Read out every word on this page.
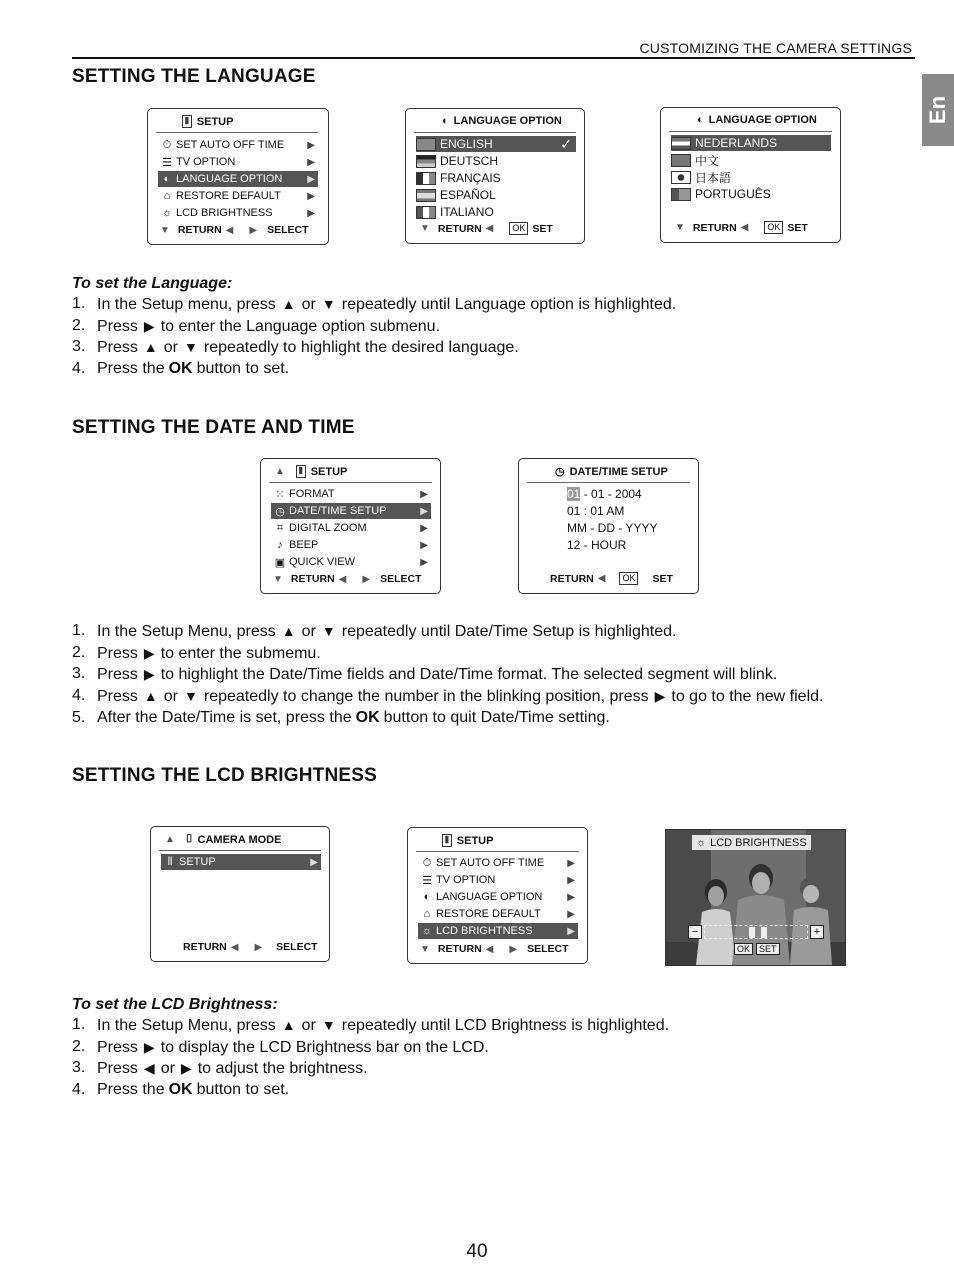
CUSTOMIZING THE CAMERA SETTINGS
En
SETTING THE LANGUAGE
⫴ SETUP
⏱ SET AUTO OFF TIME ▶
☰ TV OPTION	▶
◐ LANGUAGE OPTION ▶
⌂ RESTORE DEFAULT	▶
☼ LCD BRIGHTNESS	▶
▼ RETURN ◀ ▶ SELECT
◐ LANGUAGE OPTION
ENGLISH	✓
DEUTSCH
FRANÇAIS
ESPAÑOL
ITALIANO
▼ RETURN ◀	OK SET
◐ LANGUAGE OPTION
NEDERLANDS
中文
日本語
PORTUGUÊS
▼ RETURN ◀	OK SET
To set the Language:
1. In the Setup menu, press ▲ or ▼ repeatedly until Language option is highlighted.
2. Press ▶ to enter the Language option submenu.
3. Press ▲ or ▼ repeatedly to highlight the desired language.
4. Press the OK button to set.
SETTING THE DATE AND TIME
▲	⫴ SETUP
⁙ FORMAT	▶
◷ DATE/TIME SETUP	▶
⌗ DIGITAL ZOOM	▶
♪ BEEP	▶
▣ QUICK VIEW	▶
▼ RETURN ◀ ▶ SELECT
◷ DATE/TIME SETUP
01 - 01 - 2004
01 : 01 AM
MM - DD - YYYY
12 - HOUR
RETURN ◀	OK SET
1. In the Setup Menu, press ▲ or ▼ repeatedly until Date/Time Setup is highlighted.
2. Press ▶ to enter the submemu.
3. Press ▶ to highlight the Date/Time fields and Date/Time format. The selected segment will blink.
4. Press ▲ or ▼ repeatedly to change the number in the blinking position, press ▶ to go to the new field.
5. After the Date/Time is set, press the OK button to quit Date/Time setting.
SETTING THE LCD BRIGHTNESS
▲ ⌷ CAMERA MODE
⫴ SETUP	▶
RETURN ◀ ▶ SELECT
⫴ SETUP
⏱ SET AUTO OFF TIME ▶
☰ TV OPTION	▶
◐ LANGUAGE OPTION ▶
⌂ RESTORE DEFAULT	▶
☼ LCD BRIGHTNESS	▶
▼ RETURN ◀ ▶ SELECT
☼ LCD BRIGHTNESS
−	+
OK SET
To set the LCD Brightness:
1. In the Setup Menu, press ▲ or ▼ repeatedly until LCD Brightness is highlighted.
2. Press ▶ to display the LCD Brightness bar on the LCD.
3. Press ◀ or ▶ to adjust the brightness.
4. Press the OK button to set.
40
